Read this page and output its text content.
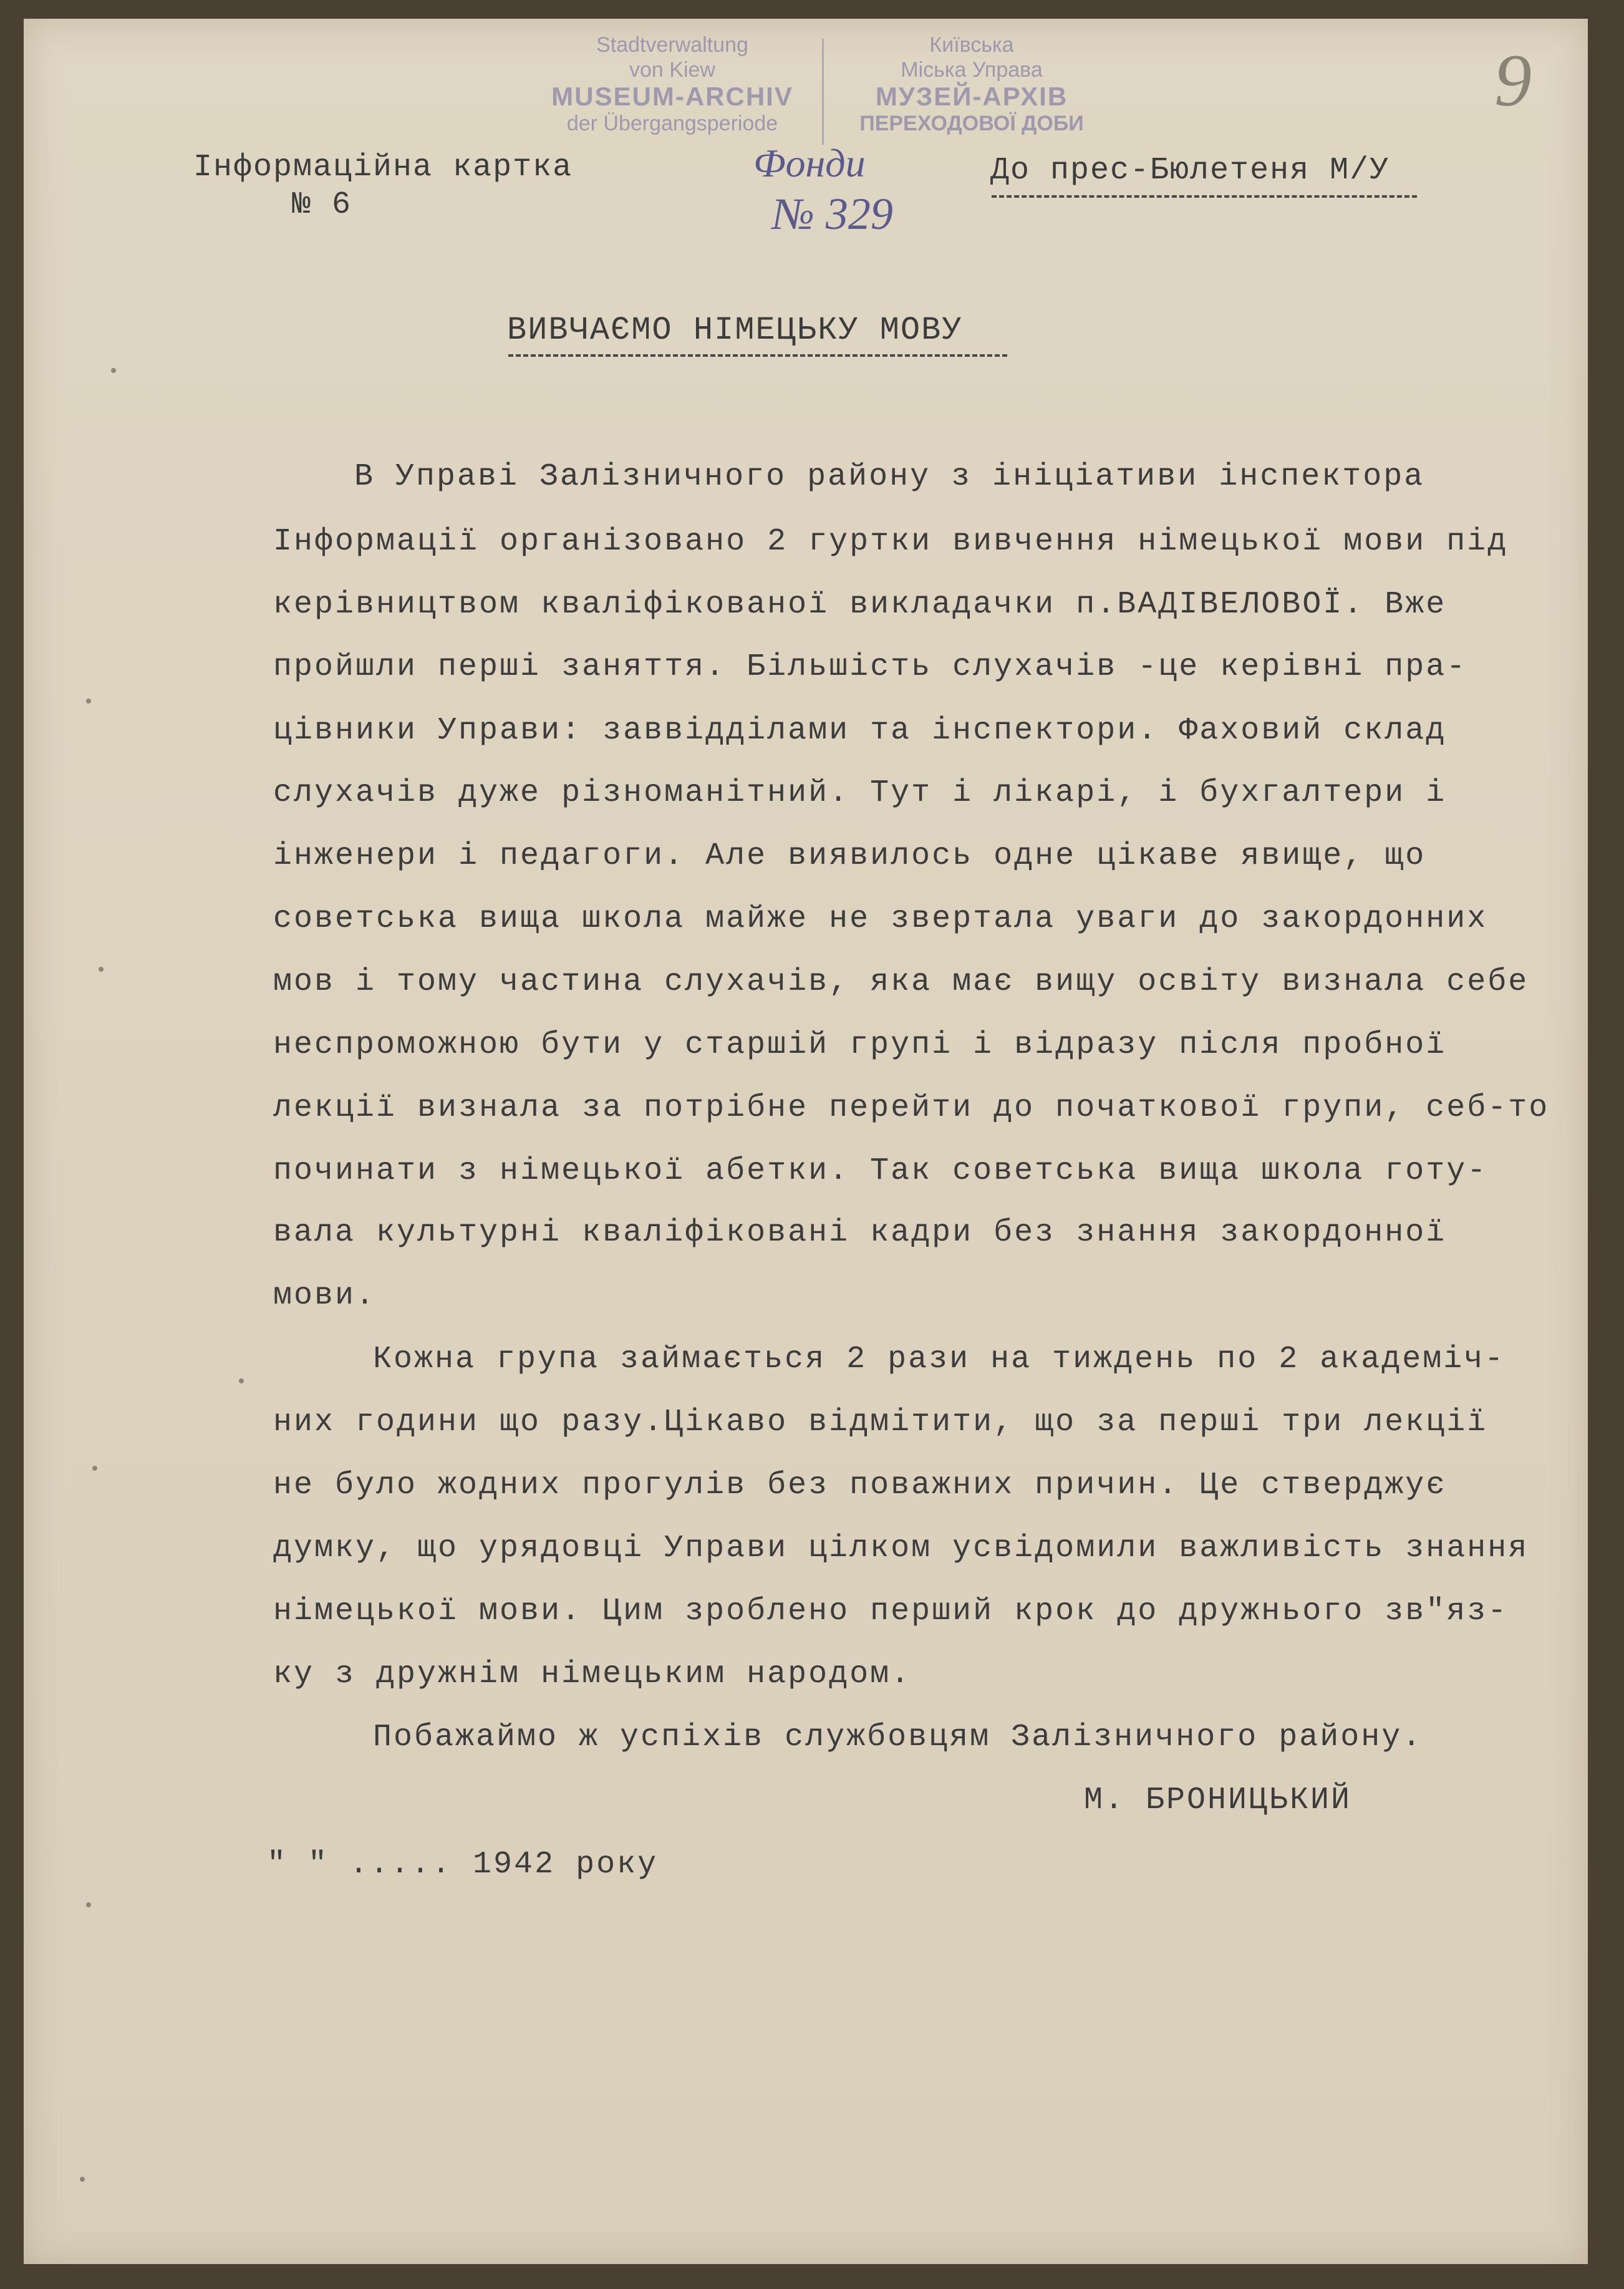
Stadtverwaltung
von Kiew
MUSEUM-ARCHIV
der Übergangsperiode
Київська
Міська Управа
МУЗЕЙ-АРХІВ
ПЕРЕХОДОВОЇ ДОБИ
9
Інформаційна картка
№ 6
Фонди
№ 329
До прес-Бюлетеня М/У
ВИВЧАЄМО НІМЕЦЬКУ МОВУ
В Управі Залізничного району з ініціативи інспектора
Інформації організовано 2 гуртки вивчення німецької мови під
керівництвом кваліфікованої викладачки п.ВАДІВЕЛОВОЇ. Вже
пройшли перші заняття. Більшість слухачів -це керівні пра-
цівники Управи: заввідділами та інспектори. Фаховий склад
слухачів дуже різноманітний. Тут і лікарі, і бухгалтери і
інженери і педагоги. Але виявилось одне цікаве явище, що
советська вища школа майже не звертала уваги до закордонних
мов і тому частина слухачів, яка має вищу освіту визнала себе
неспроможною бути у старшій групі і відразу після пробної
лекції визнала за потрібне перейти до початкової групи, себ-то
починати з німецької абетки. Так советська вища школа готу-
вала культурні кваліфіковані кадри без знання закордонної
мови.
Кожна група займається 2 рази на тиждень по 2 академіч-
них години що разу.Цікаво відмітити, що за перші три лекції
не було жодних прогулів без поважних причин. Це стверджує
думку, що урядовці Управи цілком усвідомили важливість знання
німецької мови. Цим зроблено перший крок до дружнього зв"яз-
ку з дружнім німецьким народом.
Побажаймо ж успіхів службовцям Залізничного району.
М. БРОНИЦЬКИЙ
" " ..... 1942 року
